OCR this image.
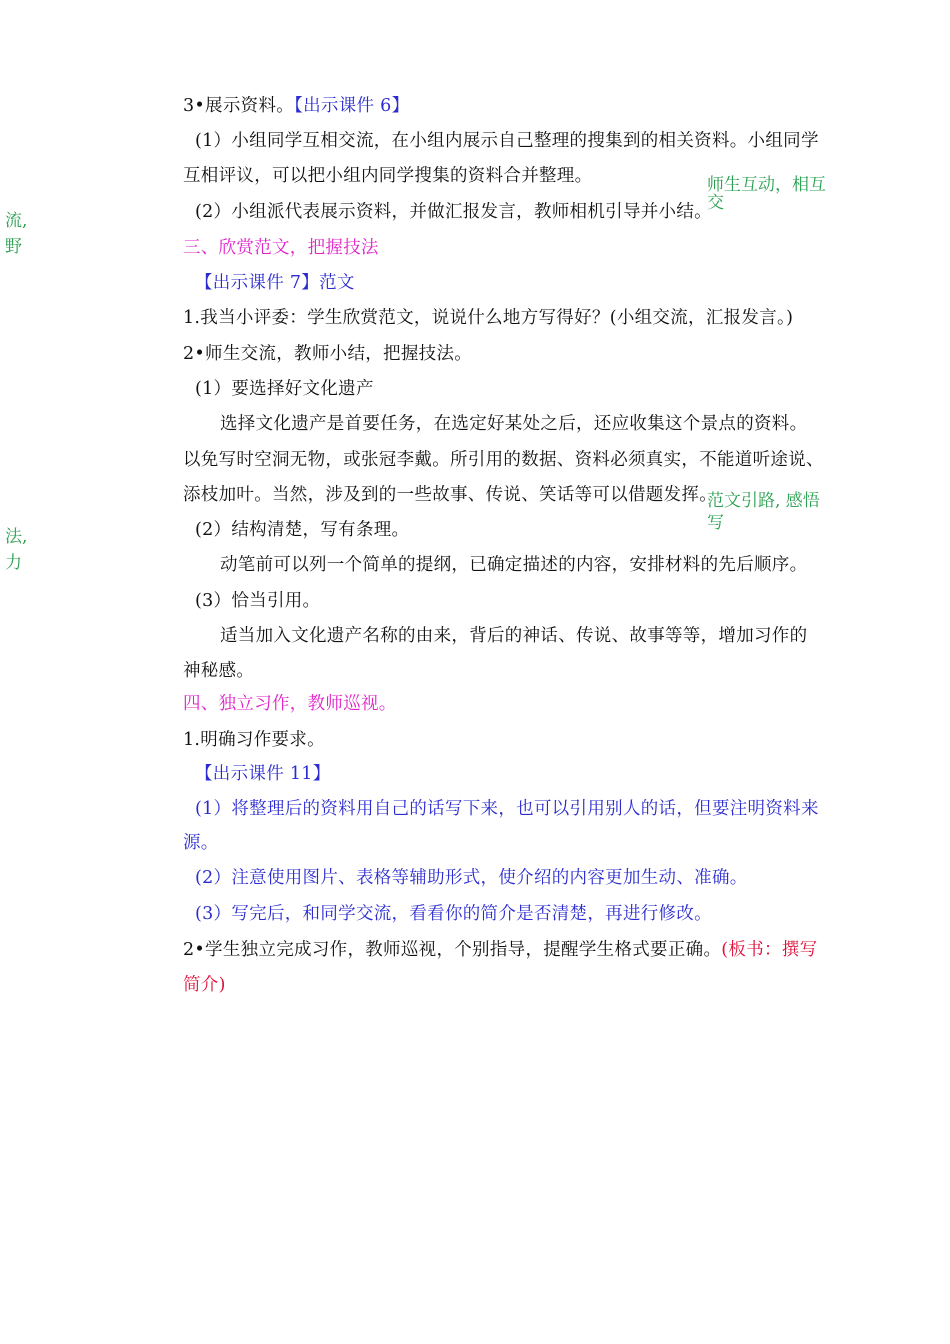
流,
野
法,
力
师生互动，相互
交
范文引路, 感悟
写
3•展示资料。【出示课件 6】
(1）小组同学互相交流，在小组内展示自己整理的搜集到的相关资料。小组同学
互相评议，可以把小组内同学搜集的资料合并整理。
(2）小组派代表展示资料，并做汇报发言，教师相机引导并小结。
三、欣赏范文，把握技法
【出示课件 7】范文
1.我当小评委：学生欣赏范文，说说什么地方写得好？(小组交流，汇报发言。)
2•师生交流，教师小结，把握技法。
(1）要选择好文化遗产
选择文化遗产是首要任务，在选定好某处之后，还应收集这个景点的资料。
以免写时空洞无物，或张冠李戴。所引用的数据、资料必须真实，不能道听途说、
添枝加叶。当然，涉及到的一些故事、传说、笑话等可以借题发挥。
(2）结构清楚，写有条理。
动笔前可以列一个简单的提纲，已确定描述的内容，安排材料的先后顺序。
(3）恰当引用。
适当加入文化遗产名称的由来，背后的神话、传说、故事等等，增加习作的
神秘感。
四、独立习作，教师巡视。
1.明确习作要求。
【出示课件 11】
(1）将整理后的资料用自己的话写下来，也可以引用别人的话，但要注明资料来
源。
(2）注意使用图片、表格等辅助形式，使介绍的内容更加生动、准确。
(3）写完后，和同学交流，看看你的简介是否清楚，再进行修改。
2•学生独立完成习作，教师巡视，个别指导，提醒学生格式要正确。(板书：撰写
简介)
